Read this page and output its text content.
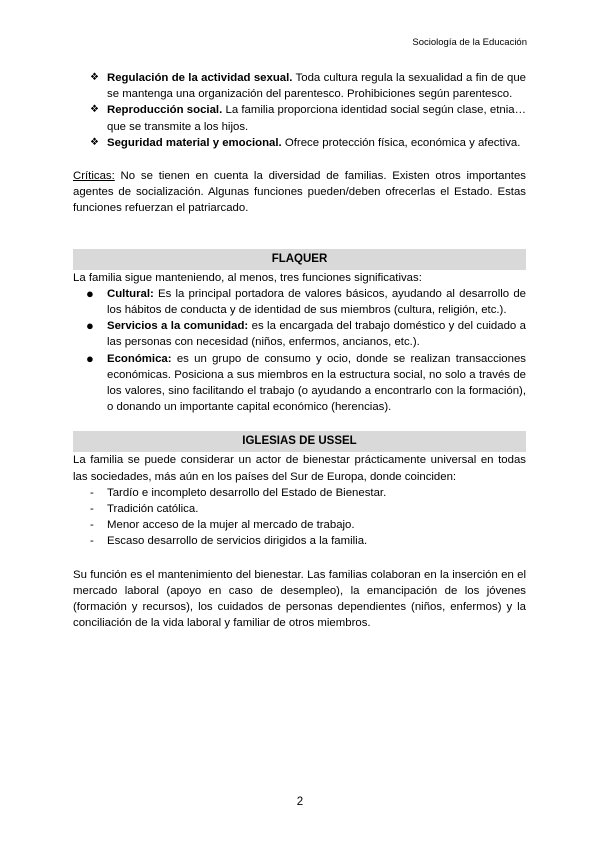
Sociología de la Educación
❖ Regulación de la actividad sexual. Toda cultura regula la sexualidad a fin de que se mantenga una organización del parentesco. Prohibiciones según parentesco.
❖ Reproducción social. La familia proporciona identidad social según clase, etnia… que se transmite a los hijos.
❖ Seguridad material y emocional. Ofrece protección física, económica y afectiva.

Críticas: No se tienen en cuenta la diversidad de familias. Existen otros importantes agentes de socialización. Algunas funciones pueden/deben ofrecerlas el Estado. Estas funciones refuerzan el patriarcado.

FLAQUER

La familia sigue manteniendo, al menos, tres funciones significativas:

● Cultural: Es la principal portadora de valores básicos, ayudando al desarrollo de los hábitos de conducta y de identidad de sus miembros (cultura, religión, etc.).
● Servicios a la comunidad: es la encargada del trabajo doméstico y del cuidado a las personas con necesidad (niños, enfermos, ancianos, etc.).
● Económica: es un grupo de consumo y ocio, donde se realizan transacciones económicas. Posiciona a sus miembros en la estructura social, no solo a través de los valores, sino facilitando el trabajo (o ayudando a encontrarlo con la formación), o donando un importante capital económico (herencias).
IGLESIAS DE USSEL

La familia se puede considerar un actor de bienestar prácticamente universal en todas las sociedades, más aún en los países del Sur de Europa, donde coinciden:

- Tardío e incompleto desarrollo del Estado de Bienestar.
- Tradición católica.
- Menor acceso de la mujer al mercado de trabajo.
- Escaso desarrollo de servicios dirigidos a la familia.

Su función es el mantenimiento del bienestar. Las familias colaboran en la inserción en el mercado laboral (apoyo en caso de desempleo), la emancipación de los jóvenes (formación y recursos), los cuidados de personas dependientes (niños, enfermos) y la conciliación de la vida laboral y familiar de otros miembros.

2
